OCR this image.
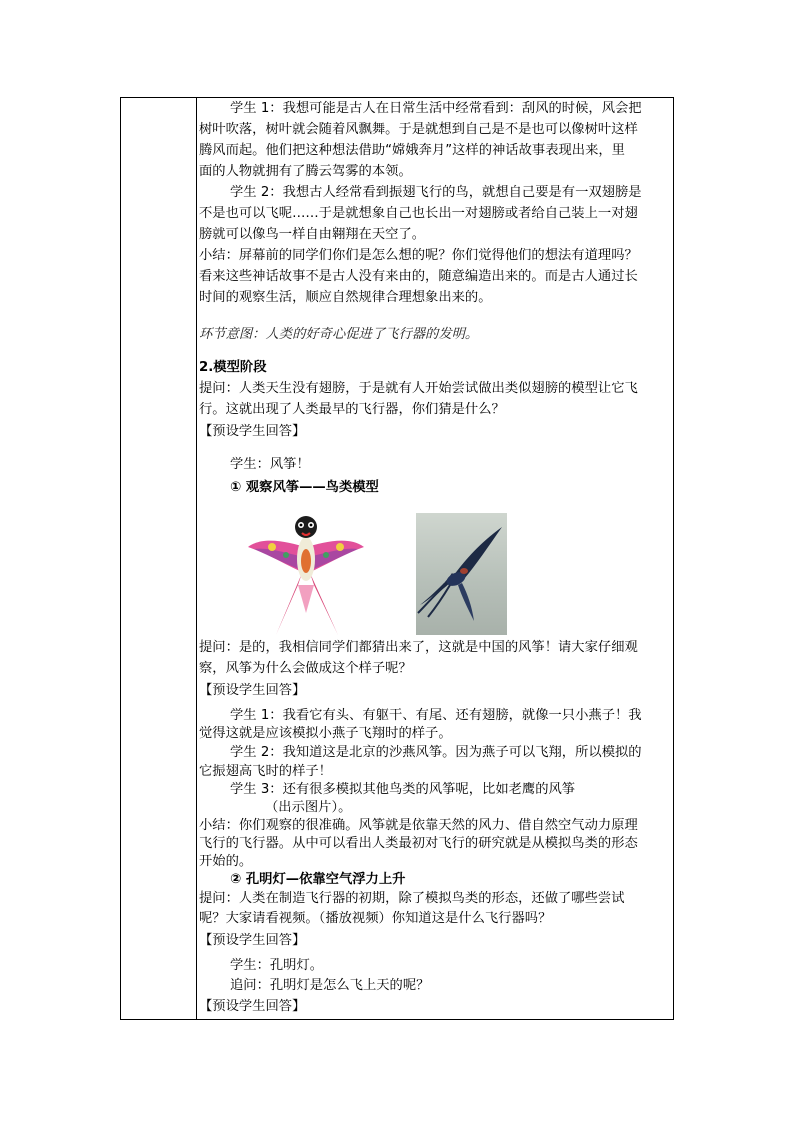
学生 1：我想可能是古人在日常生活中经常看到：刮风的时候，风会把

树叶吹落，树叶就会随着风飘舞。于是就想到自己是不是也可以像树叶这样

腾风而起。他们把这种想法借助“嫦娥奔月”这样的神话故事表现出来，里

面的人物就拥有了腾云驾雾的本领。

学生 2：我想古人经常看到振翅飞行的鸟，就想自己要是有一双翅膀是

不是也可以飞呢……于是就想象自己也长出一对翅膀或者给自己装上一对翅

膀就可以像鸟一样自由翱翔在天空了。

小结：屏幕前的同学们你们是怎么想的呢？你们觉得他们的想法有道理吗？

看来这些神话故事不是古人没有来由的，随意编造出来的。而是古人通过长

时间的观察生活，顺应自然规律合理想象出来的。

环节意图：人类的好奇心促进了飞行器的发明。

2.模型阶段

提问：人类天生没有翅膀，于是就有人开始尝试做出类似翅膀的模型让它飞

行。这就出现了人类最早的飞行器，你们猜是什么？

【预设学生回答】

学生：风筝！

① 观察风筝——鸟类模型

提问：是的，我相信同学们都猜出来了，这就是中国的风筝！请大家仔细观

察，风筝为什么会做成这个样子呢？

【预设学生回答】

学生 1：我看它有头、有躯干、有尾、还有翅膀，就像一只小燕子！我

觉得这就是应该模拟小燕子飞翔时的样子。

学生 2：我知道这是北京的沙燕风筝。因为燕子可以飞翔，所以模拟的

它振翅高飞时的样子！

学生 3：还有很多模拟其他鸟类的风筝呢，比如老鹰的风筝

（出示图片）。

小结：你们观察的很准确。风筝就是依靠天然的风力、借自然空气动力原理

飞行的飞行器。从中可以看出人类最初对飞行的研究就是从模拟鸟类的形态

开始的。

② 孔明灯—依靠空气浮力上升

提问：人类在制造飞行器的初期，除了模拟鸟类的形态，还做了哪些尝试

呢？大家请看视频。（播放视频）你知道这是什么飞行器吗？

【预设学生回答】

学生：孔明灯。

追问：孔明灯是怎么飞上天的呢？

【预设学生回答】
